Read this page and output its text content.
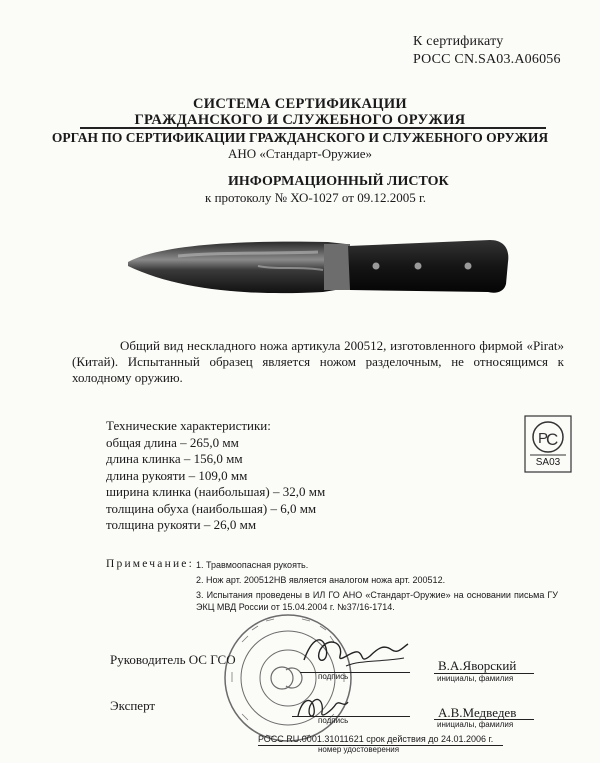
К сертификату
РОСС CN.SA03.A06056
СИСТЕМА СЕРТИФИКАЦИИ
ГРАЖДАНСКОГО И СЛУЖЕБНОГО ОРУЖИЯ
ОРГАН ПО СЕРТИФИКАЦИИ ГРАЖДАНСКОГО И СЛУЖЕБНОГО ОРУЖИЯ
АНО «Стандарт-Оружие»
ИНФОРМАЦИОННЫЙ ЛИСТОК
к протоколу № ХО-1027 от 09.12.2005 г.
Общий вид нескладного ножа артикула 200512, изготовленного фирмой «Pirat» (Китай). Испытанный образец является ножом разделочным, не относящимся к холодному оружию.
Технические характеристики:
общая длина – 265,0 мм
длина клинка – 156,0 мм
длина рукояти – 109,0 мм
ширина клинка (наибольшая) – 32,0 мм
толщина обуха (наибольшая) – 6,0 мм
толщина рукояти – 26,0 мм
Р
С
SA03
Примечание: 1. Травмоопасная рукоять.
2. Нож арт. 200512НВ является аналогом ножа арт. 200512.
3. Испытания проведены в ИЛ ГО АНО «Стандарт-Оружие» на основании письма ГУ ЭКЦ МВД России от 15.04.2004 г. №37/16-1714.
Руководитель ОС ГСО
подпись
В.А.Яворский
инициалы, фамилия
Эксперт
подпись
А.В.Медведев
инициалы, фамилия
РОСС RU.0001.31011621 срок действия до 24.01.2006 г.
номер удостоверения
